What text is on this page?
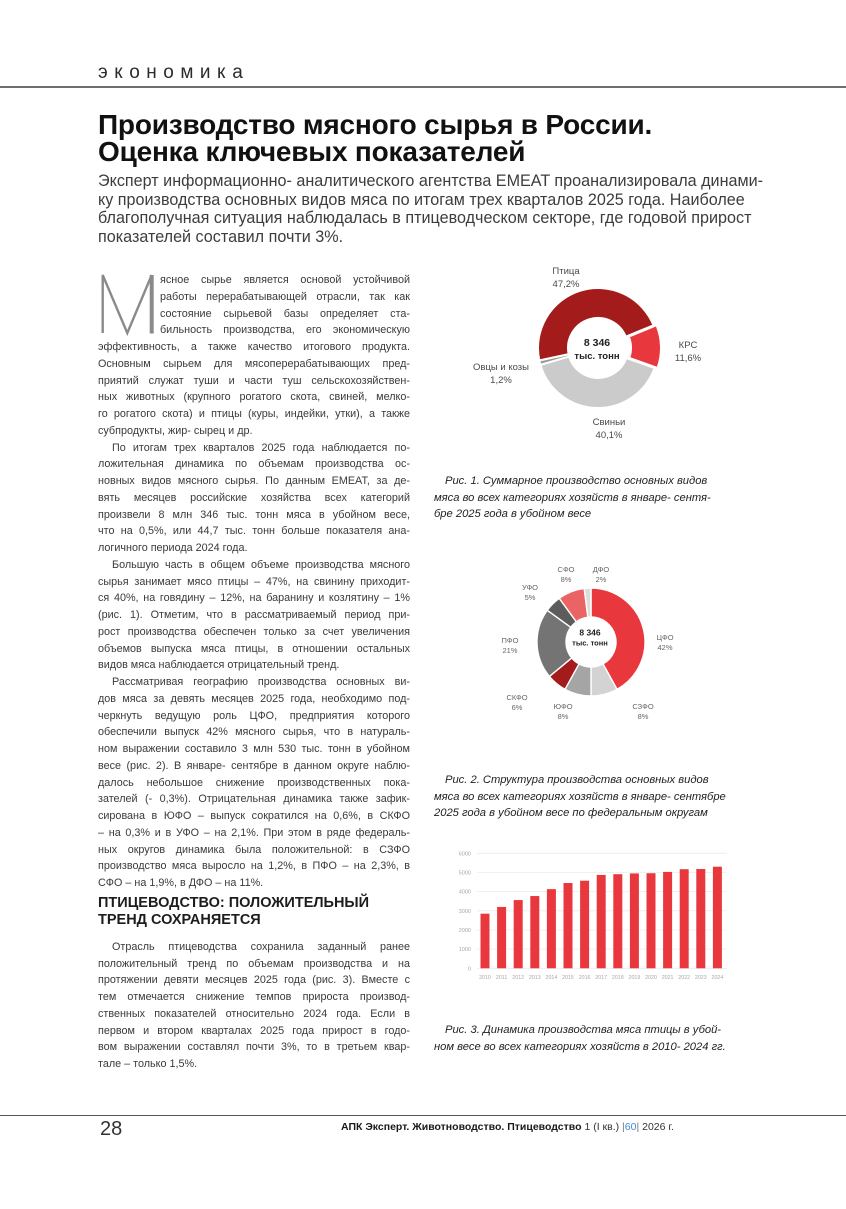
экономика
Производство мясного сырья в России.
Оценка ключевых показателей
Эксперт информационно- аналитического агентства EMEAT проанализировала динами-
ку производства основных видов мяса по итогам трех кварталов 2025 года. Наиболее
благополучная ситуация наблюдалась в птицеводческом секторе, где годовой прирост
показателей составил почти 3%.
ясное сырье является основой устойчивой
работы перерабатывающей отрасли, так как
состояние сырьевой базы определяет ста-
бильность производства, его экономическую
эффективность, а также качество итогового продукта.
Основным сырьем для мясоперерабатывающих пред-
приятий служат туши и части туш сельскохозяйствен-
ных животных (крупного рогатого скота, свиней, мелко-
го рогатого скота) и птицы (куры, индейки, утки), а также
субпродукты, жир- сырец и др.
По итогам трех кварталов 2025 года наблюдается по-
ложительная динамика по объемам производства ос-
новных видов мясного сырья. По данным EMEAT, за де-
вять месяцев российские хозяйства всех категорий
произвели 8 млн 346 тыс. тонн мяса в убойном весе,
что на 0,5%, или 44,7 тыс. тонн больше показателя ана-
логичного периода 2024 года.
Большую часть в общем объеме производства мясного
сырья занимает мясо птицы – 47%, на свинину приходит-
ся 40%, на говядину – 12%, на баранину и козлятину – 1%
(рис. 1). Отметим, что в рассматриваемый период при-
рост производства обеспечен только за счет увеличения
объемов выпуска мяса птицы, в отношении остальных
видов мяса наблюдается отрицательный тренд.
Рассматривая географию производства основных ви-
дов мяса за девять месяцев 2025 года, необходимо под-
черкнуть ведущую роль ЦФО, предприятия которого
обеспечили выпуск 42% мясного сырья, что в натураль-
ном выражении составило 3 млн 530 тыс. тонн в убойном
весе (рис. 2). В январе- сентябре в данном округе наблю-
далось небольшое снижение производственных пока-
зателей (- 0,3%). Отрицательная динамика также зафик-
сирована в ЮФО – выпуск сократился на 0,6%, в СКФО
– на 0,3% и в УФО – на 2,1%. При этом в ряде федераль-
ных округов динамика была положительной: в СЗФО
производство мяса выросло на 1,2%, в ПФО – на 2,3%, в
СФО – на 1,9%, в ДФО – на 11%.
ПТИЦЕВОДСТВО: ПОЛОЖИТЕЛЬНЫЙ
ТРЕНД СОХРАНЯЕТСЯ
Отрасль птицеводства сохранила заданный ранее
положительный тренд по объемам производства и на
протяжении девяти месяцев 2025 года (рис. 3). Вместе с
тем отмечается снижение темпов прироста производ-
ственных показателей относительно 2024 года. Если в
первом и втором кварталах 2025 года прирост в годо-
вом выражении составлял почти 3%, то в третьем квар-
тале – только 1,5%.
8 346
тыс. тонн
Птица
47,2%
КРС
11,6%
Свиньи
40,1%
Овцы и козы
1,2%
Рис. 1. Суммарное производство основных видов
мяса во всех категориях хозяйств в январе- сентя-
бре 2025 года в убойном весе
8 346
тыс. тонн
ЦФО
42%
СЗФО
8%
ЮФО
8%
СКФО
6%
ПФО
21%
УФО
5%
СФО
8%
ДФО
2%
Рис. 2. Структура производства основных видов
мяса во всех категориях хозяйств в январе- сентябре
2025 года в убойном весе по федеральным округам
0
1000
2000
3000
4000
5000
6000
2010 2011 2012 2013 2014 2015 2016 2017 2018 2019 2020 2021 2022 2023 2024
Рис. 3. Динамика производства мяса птицы в убой-
ном весе во всех категориях хозяйств в 2010- 2024 гг.
28	АПК Эксперт. Животноводство. Птицеводство 1 (I кв.) |60| 2026 г.
